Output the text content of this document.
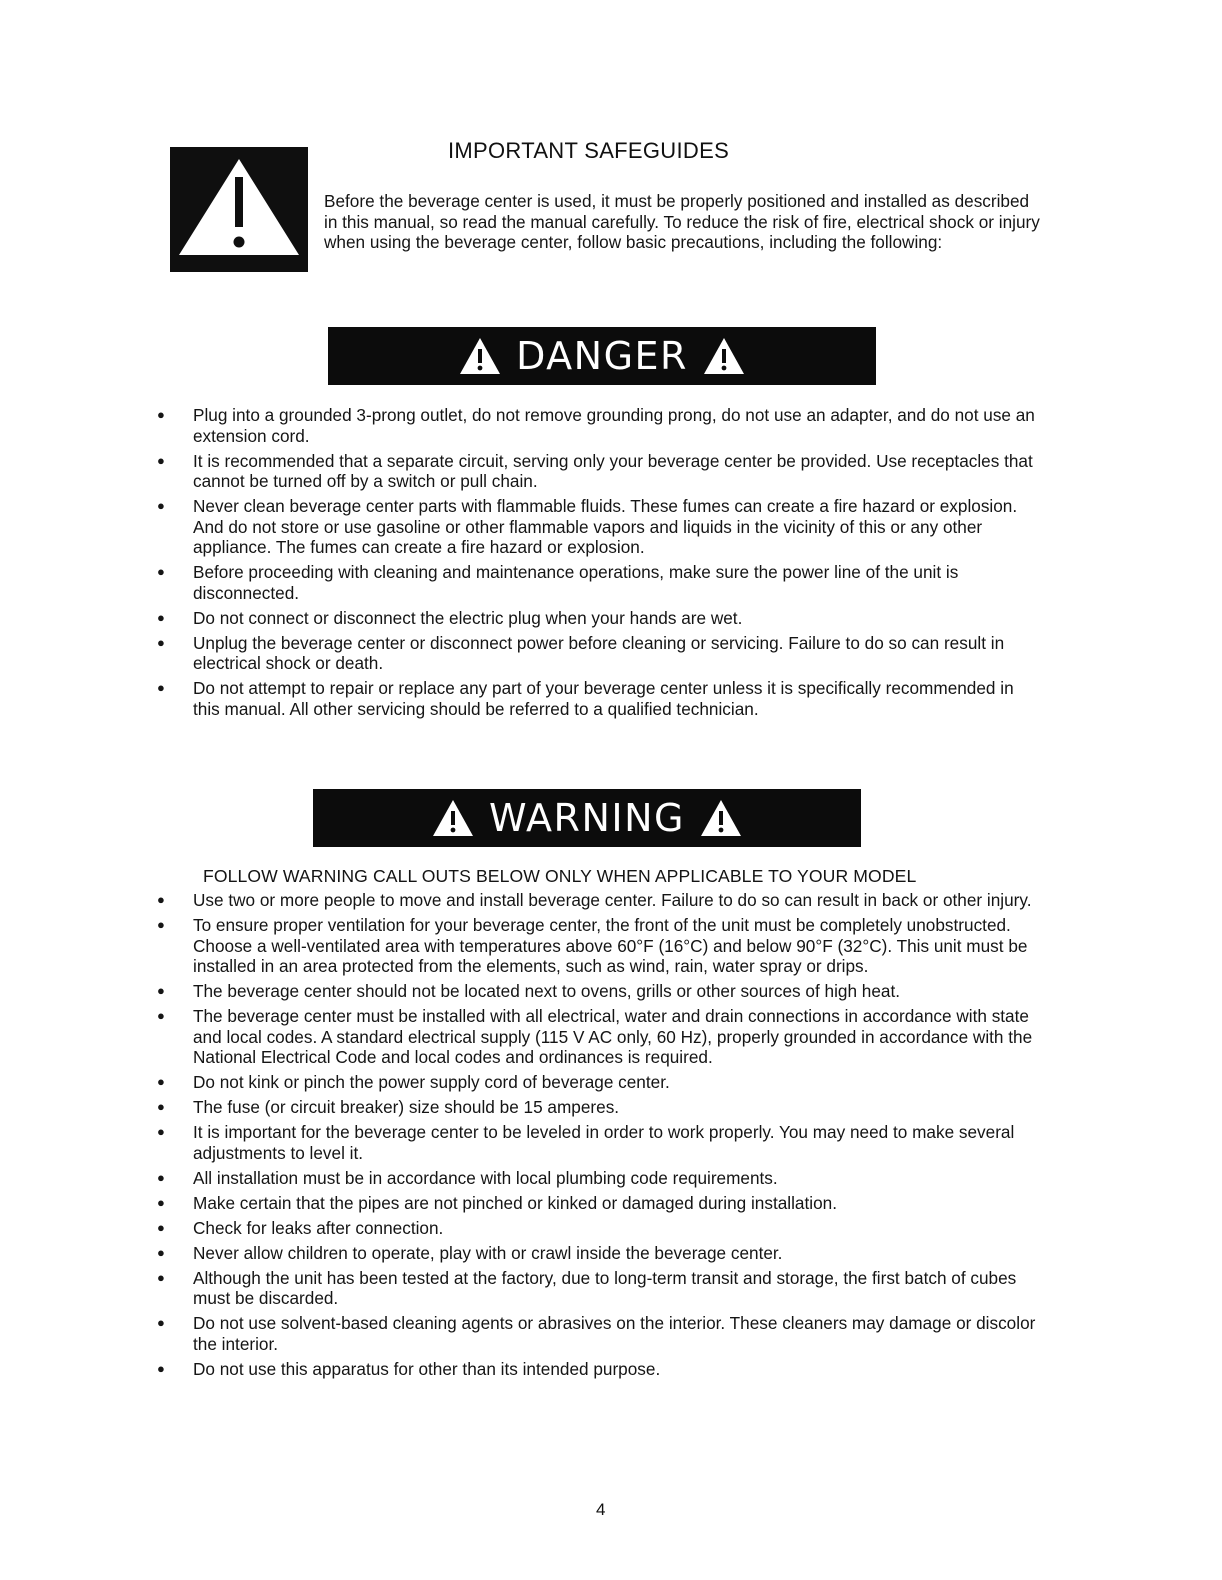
IMPORTANT SAFEGUIDES
Before the beverage center is used, it must be properly positioned and installed as described in this manual, so read the manual carefully. To reduce the risk of fire, electrical shock or injury when using the beverage center, follow basic precautions, including the following:
DANGER
● Plug into a grounded 3-prong outlet, do not remove grounding prong, do not use an adapter, and do not use an extension cord.
● It is recommended that a separate circuit, serving only your beverage center be provided. Use receptacles that cannot be turned off by a switch or pull chain.
● Never clean beverage center parts with flammable fluids. These fumes can create a fire hazard or explosion. And do not store or use gasoline or other flammable vapors and liquids in the vicinity of this or any other appliance. The fumes can create a fire hazard or explosion.
● Before proceeding with cleaning and maintenance operations, make sure the power line of the unit is disconnected.
● Do not connect or disconnect the electric plug when your hands are wet.
● Unplug the beverage center or disconnect power before cleaning or servicing. Failure to do so can result in electrical shock or death.
● Do not attempt to repair or replace any part of your beverage center unless it is specifically recommended in this manual. All other servicing should be referred to a qualified technician.
WARNING
FOLLOW WARNING CALL OUTS BELOW ONLY WHEN APPLICABLE TO YOUR MODEL
● Use two or more people to move and install beverage center. Failure to do so can result in back or other injury.
● To ensure proper ventilation for your beverage center, the front of the unit must be completely unobstructed. Choose a well-ventilated area with temperatures above 60°F (16°C) and below 90°F (32°C). This unit must be installed in an area protected from the elements, such as wind, rain, water spray or drips.
● The beverage center should not be located next to ovens, grills or other sources of high heat.
● The beverage center must be installed with all electrical, water and drain connections in accordance with state and local codes. A standard electrical supply (115 V AC only, 60 Hz), properly grounded in accordance with the National Electrical Code and local codes and ordinances is required.
● Do not kink or pinch the power supply cord of beverage center.
● The fuse (or circuit breaker) size should be 15 amperes.
● It is important for the beverage center to be leveled in order to work properly. You may need to make several adjustments to level it.
● All installation must be in accordance with local plumbing code requirements.
● Make certain that the pipes are not pinched or kinked or damaged during installation.
● Check for leaks after connection.
● Never allow children to operate, play with or crawl inside the beverage center.
● Although the unit has been tested at the factory, due to long-term transit and storage, the first batch of cubes must be discarded.
● Do not use solvent-based cleaning agents or abrasives on the interior. These cleaners may damage or discolor the interior.
● Do not use this apparatus for other than its intended purpose.
4
